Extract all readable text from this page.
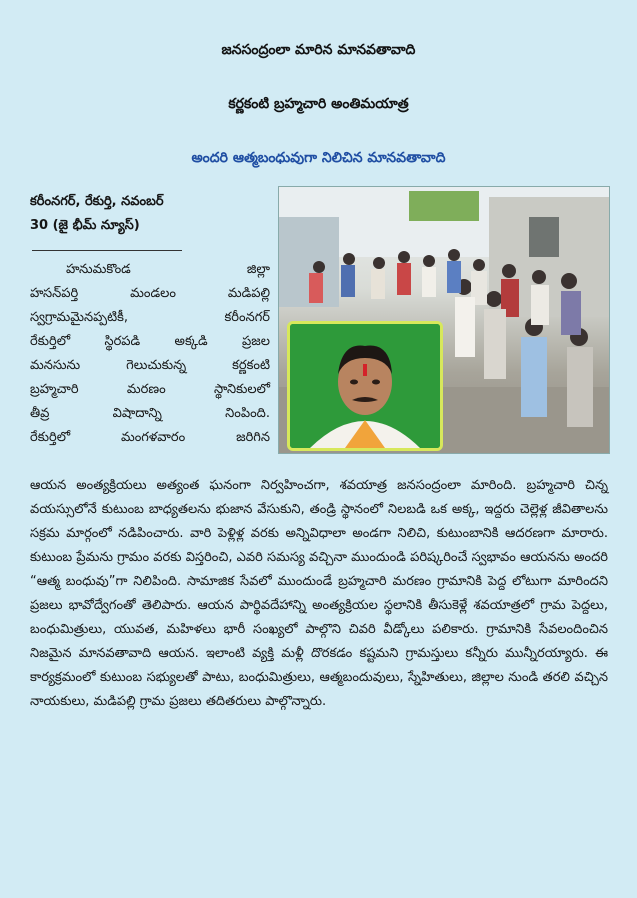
జనసంద్రంలా మారిన మానవతావాది
కర్ణకంటి బ్రహ్మచారి అంతిమయాత్ర
అందరి ఆత్మబంధువుగా నిలిచిన మానవతావాది
కరీంనగర్, రేకుర్తి, నవంబర్
30 (జై భీమ్ న్యూస్)
హనుమకొండ జిల్లా
హసన్‌పర్తి మండలం మడిపల్లి
స్వగ్రామమైనప్పటికీ, కరీంనగర్
రేకుర్తిలో స్థిరపడి అక్కడి ప్రజల
మనసును గెలుచుకున్న కర్ణకంటి
బ్రహ్మచారి మరణం స్థానికులలో
తీవ్ర విషాదాన్ని నింపింది.
రేకుర్తిలో మంగళవారం జరిగిన

ఆయన అంత్యక్రియలు అత్యంత ఘనంగా నిర్వహించగా, శవయాత్ర జనసంద్రంలా మారింది. బ్రహ్మచారి చిన్న వయస్సులోనే కుటుంబ బాధ్యతలను భుజాన వేసుకుని, తండ్రి స్థానంలో నిలబడి ఒక అక్క, ఇద్దరు చెల్లెళ్ల జీవితాలను సక్రమ మార్గంలో నడిపించారు. వారి పెళ్లిళ్ల వరకు అన్నివిధాలా అండగా నిలిచి, కుటుంబానికి ఆదరణగా మారారు. కుటుంబ ప్రేమను గ్రామం వరకు విస్తరించి, ఎవరి సమస్య వచ్చినా ముందుండి పరిష్కరించే స్వభావం ఆయనను అందరి “ఆత్మ బంధువు”గా నిలిపింది. సామాజిక సేవలో ముందుండే బ్రహ్మచారి మరణం గ్రామానికి పెద్ద లోటుగా మారిందని ప్రజలు భావోద్వేగంతో తెలిపారు. ఆయన పార్థివదేహాన్ని అంత్యక్రియల స్థలానికి తీసుకెళ్లే శవయాత్రలో గ్రామ పెద్దలు, బంధుమిత్రులు, యువత, మహిళలు భారీ సంఖ్యలో పాల్గొని చివరి వీడ్కోలు పలికారు. గ్రామానికి సేవలందించిన నిజమైన మానవతావాది ఆయన. ఇలాంటి వ్యక్తి మళ్లీ దొరకడం కష్టమని గ్రామస్తులు కన్నీరు మున్నీరయ్యారు. ఈ కార్యక్రమంలో కుటుంబ సభ్యులతో పాటు, బంధుమిత్రులు, ఆత్మబందువులు, స్నేహితులు, జిల్లాల నుండి తరలి వచ్చిన నాయకులు, మడిపల్లి గ్రామ ప్రజలు తదితరులు పాల్గొన్నారు.
